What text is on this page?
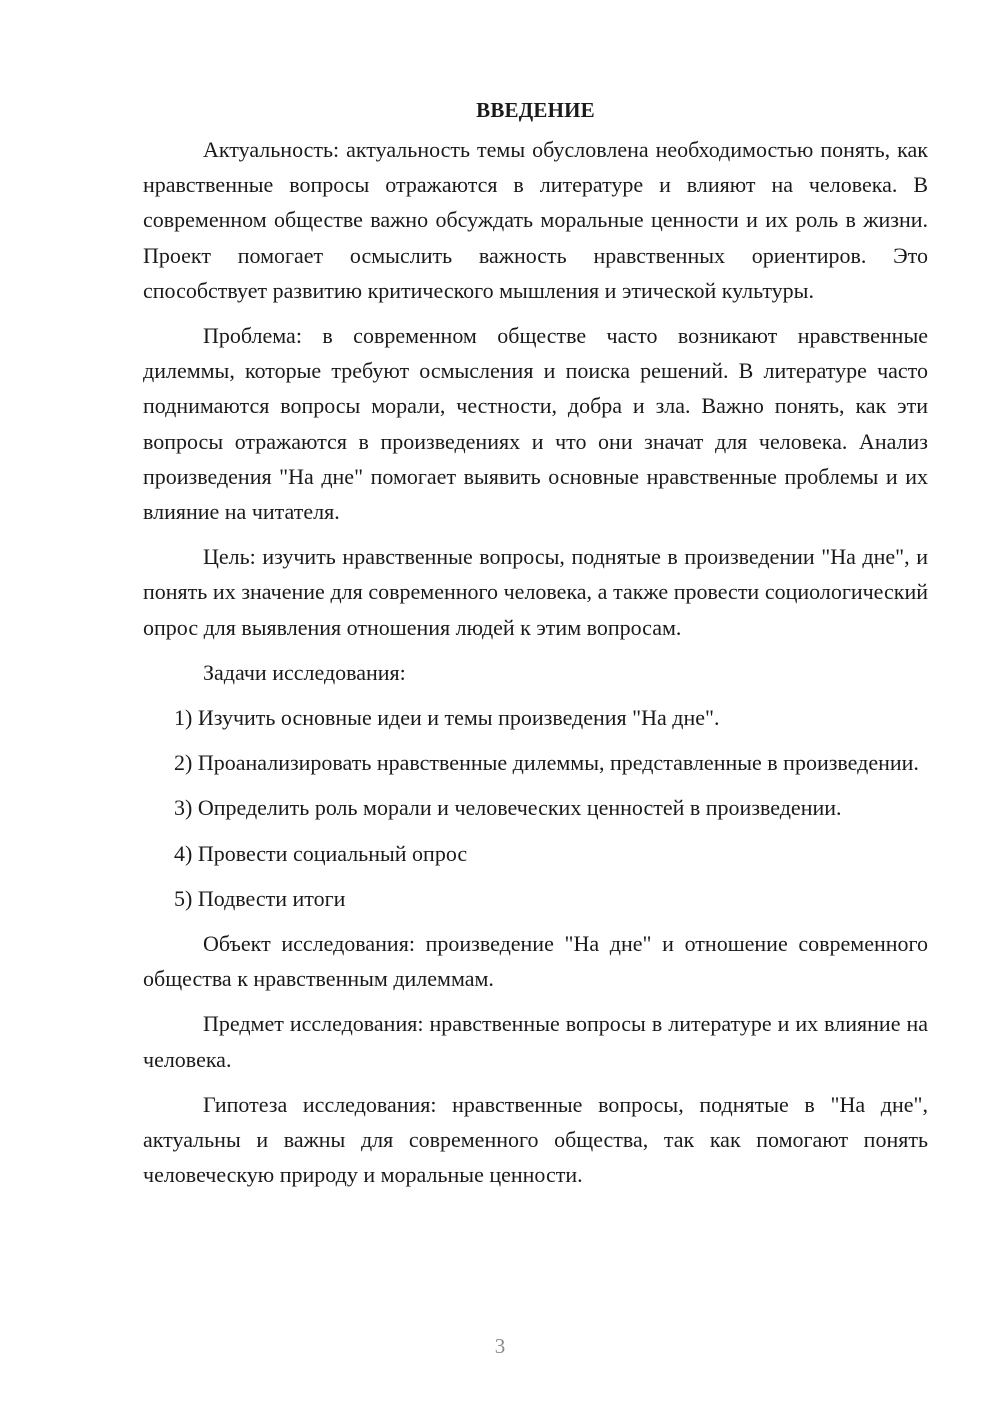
ВВЕДЕНИЕ

Актуальность: актуальность темы обусловлена необходимостью понять, как нравственные вопросы отражаются в литературе и влияют на человека. В современном обществе важно обсуждать моральные ценности и их роль в жизни. Проект помогает осмыслить важность нравственных ориентиров. Это способствует развитию критического мышления и этической культуры.

Проблема: в современном обществе часто возникают нравственные дилеммы, которые требуют осмысления и поиска решений. В литературе часто поднимаются вопросы морали, честности, добра и зла. Важно понять, как эти вопросы отражаются в произведениях и что они значат для человека. Анализ произведения "На дне" помогает выявить основные нравственные проблемы и их влияние на читателя.

Цель: изучить нравственные вопросы, поднятые в произведении "На дне", и понять их значение для современного человека, а также провести социологический опрос для выявления отношения людей к этим вопросам.

Задачи исследования:

1) Изучить основные идеи и темы произведения "На дне".

2) Проанализировать нравственные дилеммы, представленные в произведении.

3) Определить роль морали и человеческих ценностей в произведении.

4) Провести социальный опрос

5) Подвести итоги

Объект исследования: произведение "На дне" и отношение современного общества к нравственным дилеммам.

Предмет исследования: нравственные вопросы в литературе и их влияние на человека.

Гипотеза исследования: нравственные вопросы, поднятые в "На дне", актуальны и важны для современного общества, так как помогают понять человеческую природу и моральные ценности.

3
